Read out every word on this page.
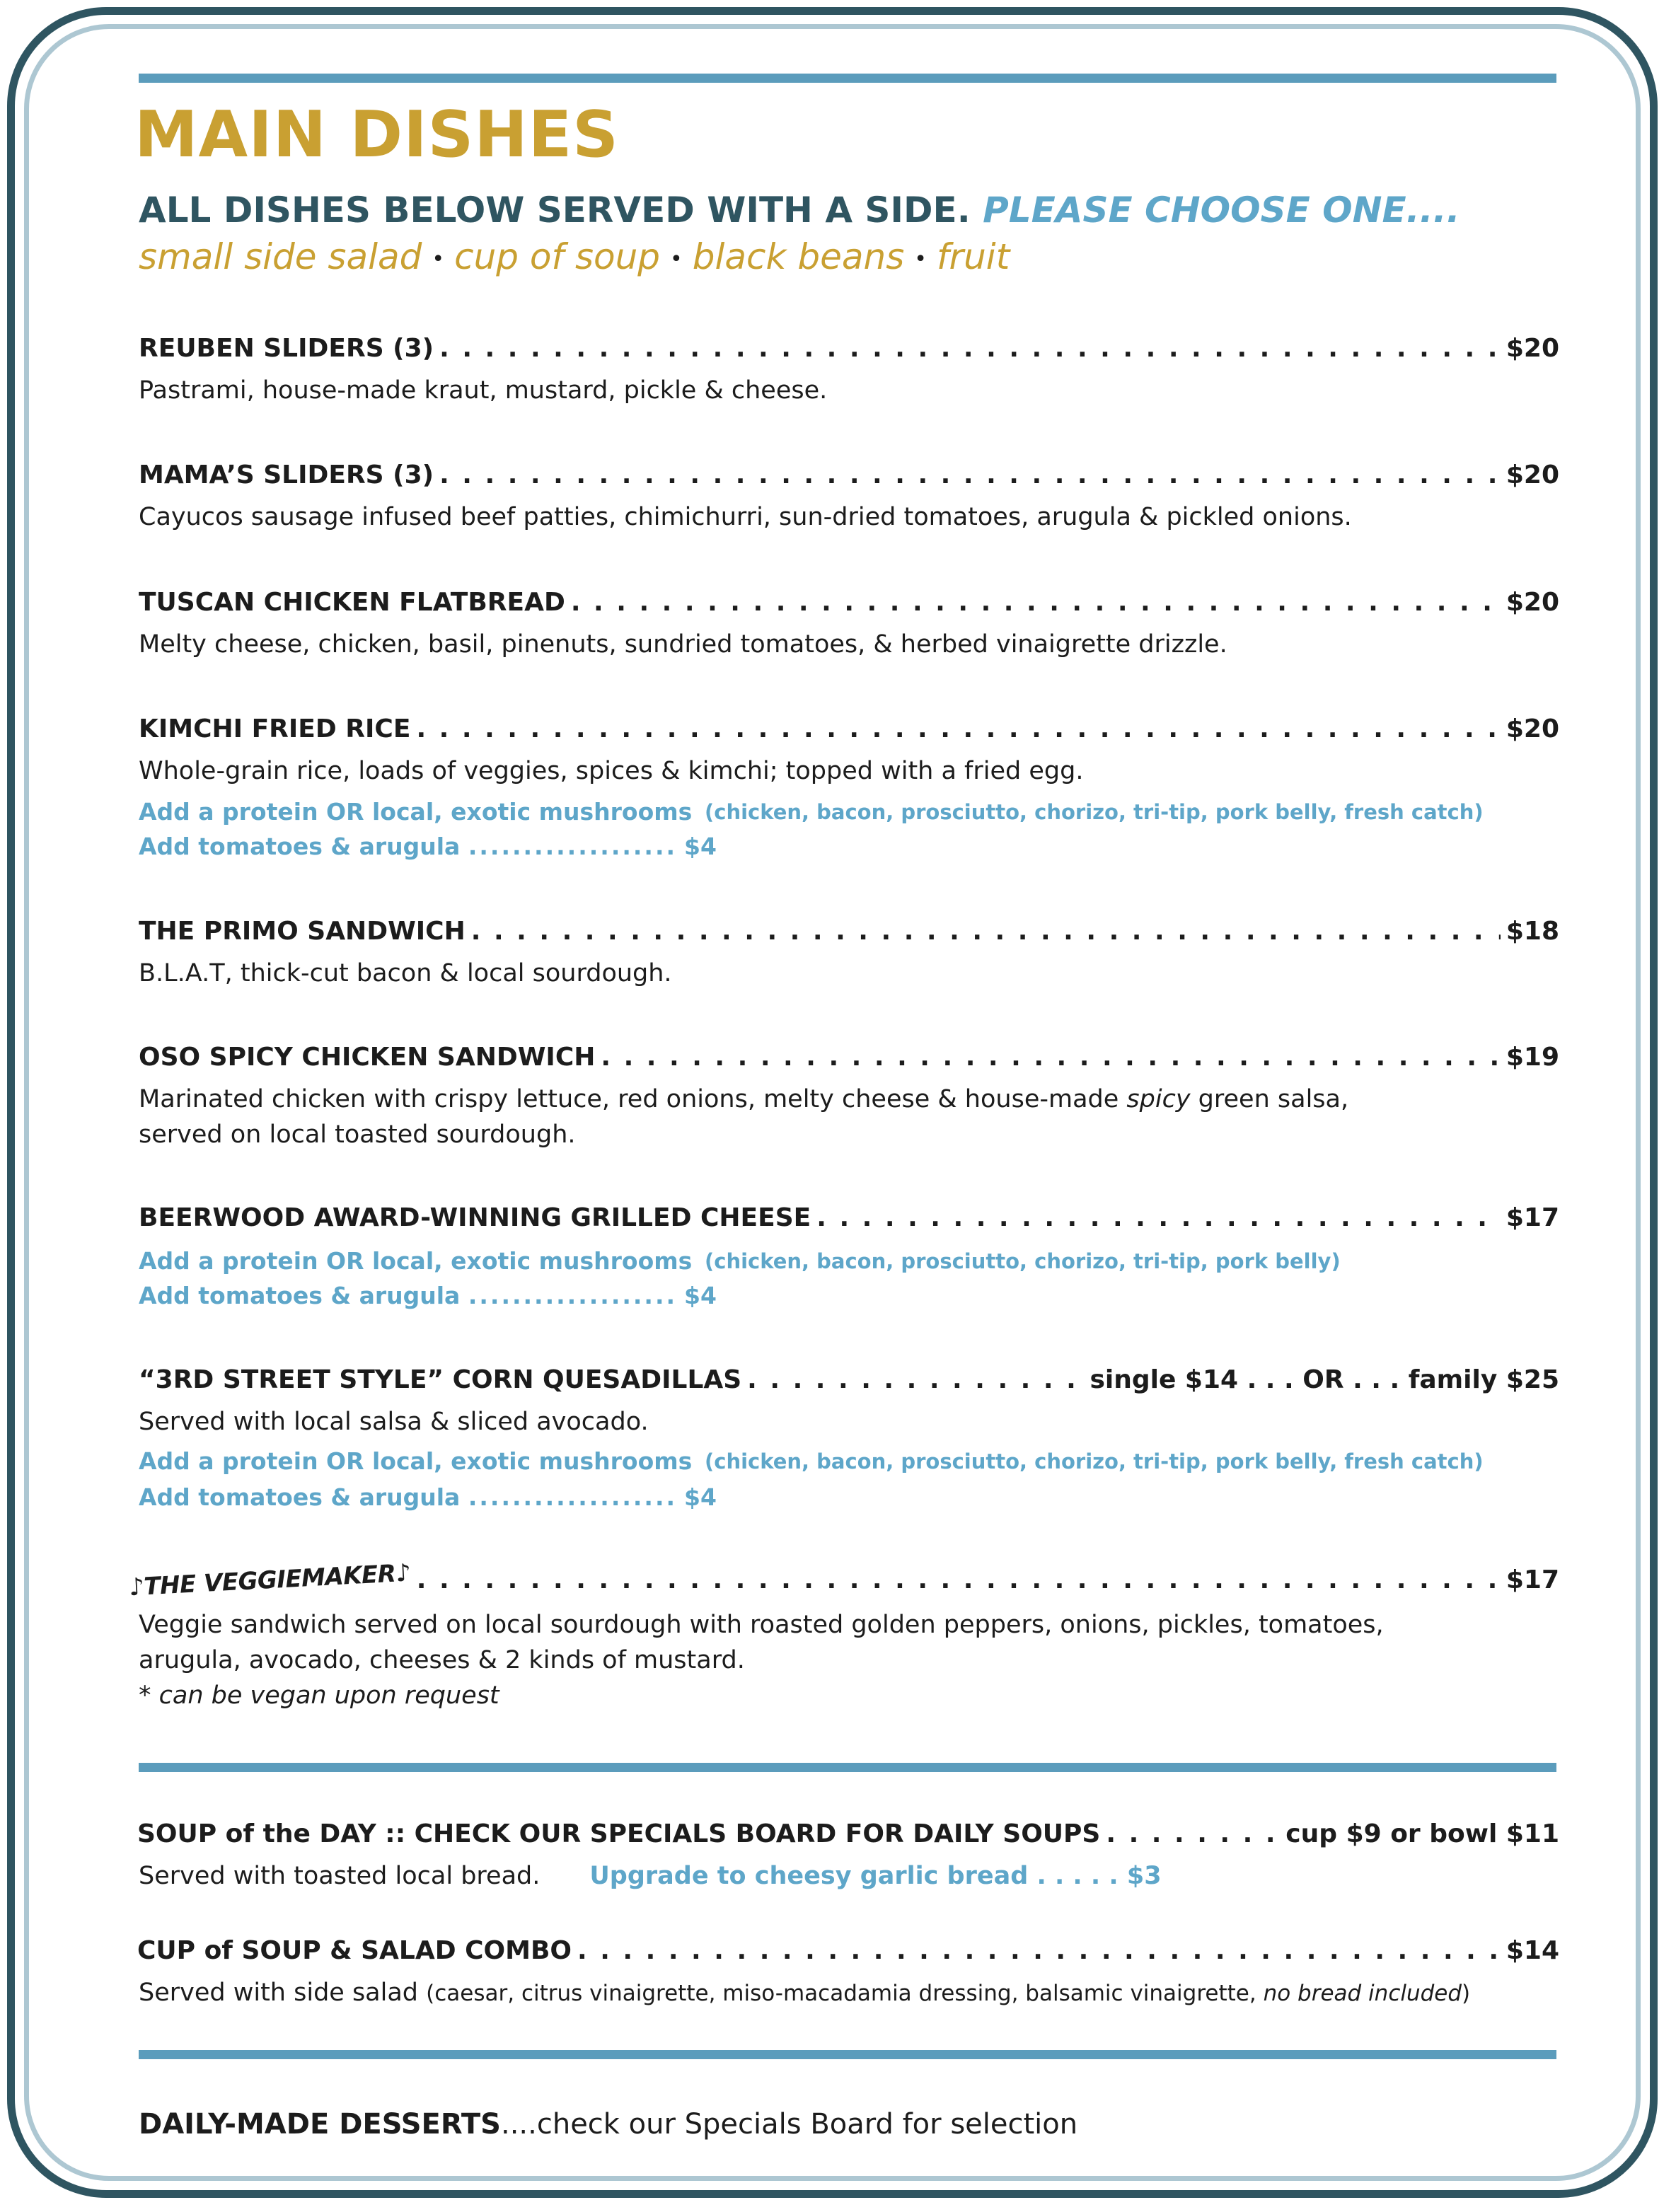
MAIN DISHES

ALL DISHES BELOW SERVED WITH A SIDE. PLEASE CHOOSE ONE....

small side salad • cup of soup • black beans • fruit

REUBEN SLIDERS (3) . . .	$20

Pastrami, house-made kraut, mustard, pickle & cheese.

MAMA’S SLIDERS (3) . . .	$20

Cayucos sausage infused beef patties, chimichurri, sun-dried tomatoes, arugula & pickled onions.

TUSCAN CHICKEN FLATBREAD . . .	$20

Melty cheese, chicken, basil, pinenuts, sundried tomatoes, & herbed vinaigrette drizzle.

KIMCHI FRIED RICE . . .	$20

Whole-grain rice, loads of veggies, spices & kimchi; topped with a fried egg.

Add a protein OR local, exotic mushrooms (chicken, bacon, prosciutto, chorizo, tri-tip, pork belly, fresh catch)
Add tomatoes & arugula ................... $4
THE PRIMO SANDWICH . . .	$18

B.L.A.T, thick-cut bacon & local sourdough.

OSO SPICY CHICKEN SANDWICH . . .	$19

Marinated chicken with crispy lettuce, red onions, melty cheese & house-made spicy green salsa,
served on local toasted sourdough.

BEERWOOD AWARD-WINNING GRILLED CHEESE . . .	$17
Add a protein OR local, exotic mushrooms (chicken, bacon, prosciutto, chorizo, tri-tip, pork belly)
Add tomatoes & arugula ................... $4
“3RD STREET STYLE” CORN QUESADILLAS . . .	single $14 . . . OR . . . family $25

Served with local salsa & sliced avocado.

Add a protein OR local, exotic mushrooms (chicken, bacon, prosciutto, chorizo, tri-tip, pork belly, fresh catch)
Add tomatoes & arugula ................... $4
♪THE VEGGIEMAKER♪ . . .	$17

Veggie sandwich served on local sourdough with roasted golden peppers, onions, pickles, tomatoes,
arugula, avocado, cheeses & 2 kinds of mustard.
* can be vegan upon request

SOUP of the DAY :: CHECK OUR SPECIALS BOARD FOR DAILY SOUPS . . .	cup $9 or bowl $11

Served with toasted local bread. Upgrade to cheesy garlic bread . . . . . $3

CUP of SOUP & SALAD COMBO . . .	$14

Served with side salad (caesar, citrus vinaigrette, miso-macadamia dressing, balsamic vinaigrette, no bread included)

DAILY-MADE DESSERTS....check our Specials Board for selection
